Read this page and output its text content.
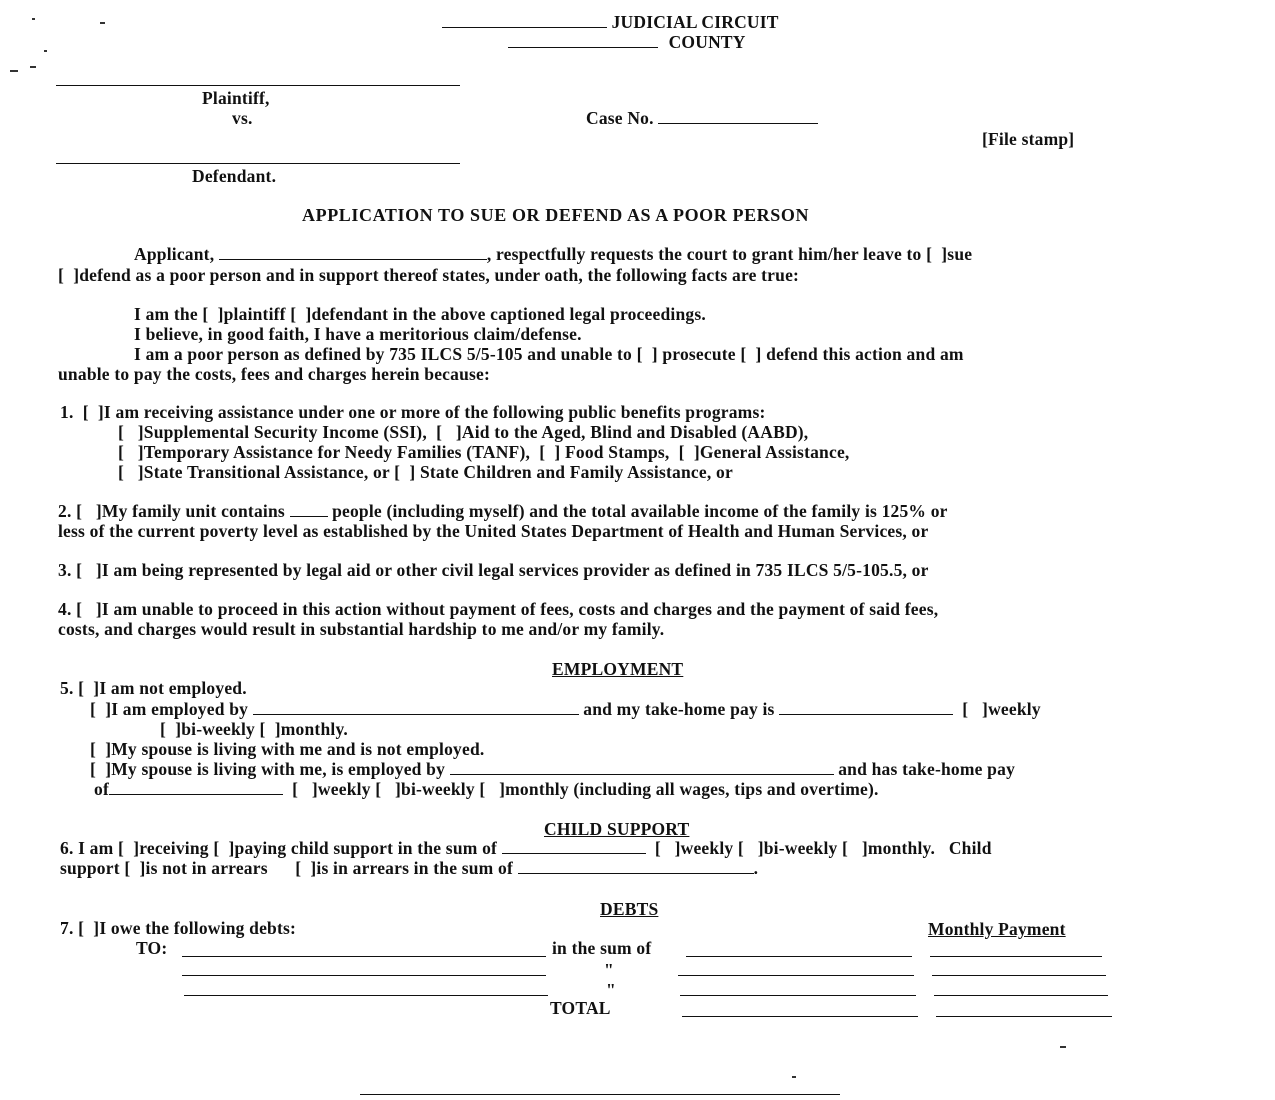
JUDICIAL CIRCUIT
COUNTY
Plaintiff,
vs.	Case No.
[File stamp]
Defendant.
APPLICATION TO SUE OR DEFEND AS A POOR PERSON
Applicant,	, respectfully requests the court to grant him/her leave to [ ]sue
[ ]defend as a poor person and in support thereof states, under oath, the following facts are true:
I am the [ ]plaintiff [ ]defendant in the above captioned legal proceedings.
I believe, in good faith, I have a meritorious claim/defense.
I am a poor person as defined by 735 ILCS 5/5-105 and unable to [ ] prosecute [ ] defend this action and am
unable to pay the costs, fees and charges herein because:
1. [ ]I am receiving assistance under one or more of the following public benefits programs:
[ ]Supplemental Security Income (SSI), [ ]Aid to the Aged, Blind and Disabled (AABD),
[ ]Temporary Assistance for Needy Families (TANF), [ ] Food Stamps, [ ]General Assistance,
[ ]State Transitional Assistance, or [ ] State Children and Family Assistance, or
2. [ ]My family unit contains	people (including myself) and the total available income of the family is 125% or
less of the current poverty level as established by the United States Department of Health and Human Services, or
3. [ ]I am being represented by legal aid or other civil legal services provider as defined in 735 ILCS 5/5-105.5, or
4. [ ]I am unable to proceed in this action without payment of fees, costs and charges and the payment of said fees,
costs, and charges would result in substantial hardship to me and/or my family.
EMPLOYMENT
5. [ ]I am not employed.
[ ]I am employed by	and my take-home pay is	[ ]weekly
[ ]bi-weekly [ ]monthly.
[ ]My spouse is living with me and is not employed.
[ ]My spouse is living with me, is employed by	and has take-home pay
of	[ ]weekly [ ]bi-weekly [ ]monthly (including all wages, tips and overtime).
CHILD SUPPORT
6. I am [ ]receiving [ ]paying child support in the sum of	[ ]weekly [ ]bi-weekly [ ]monthly. Child
support [ ]is not in arrears [ ]is in arrears in the sum of	.
DEBTS
7. [ ]I owe the following debts:	Monthly Payment
TO:	in the sum of
"
"
TOTAL
